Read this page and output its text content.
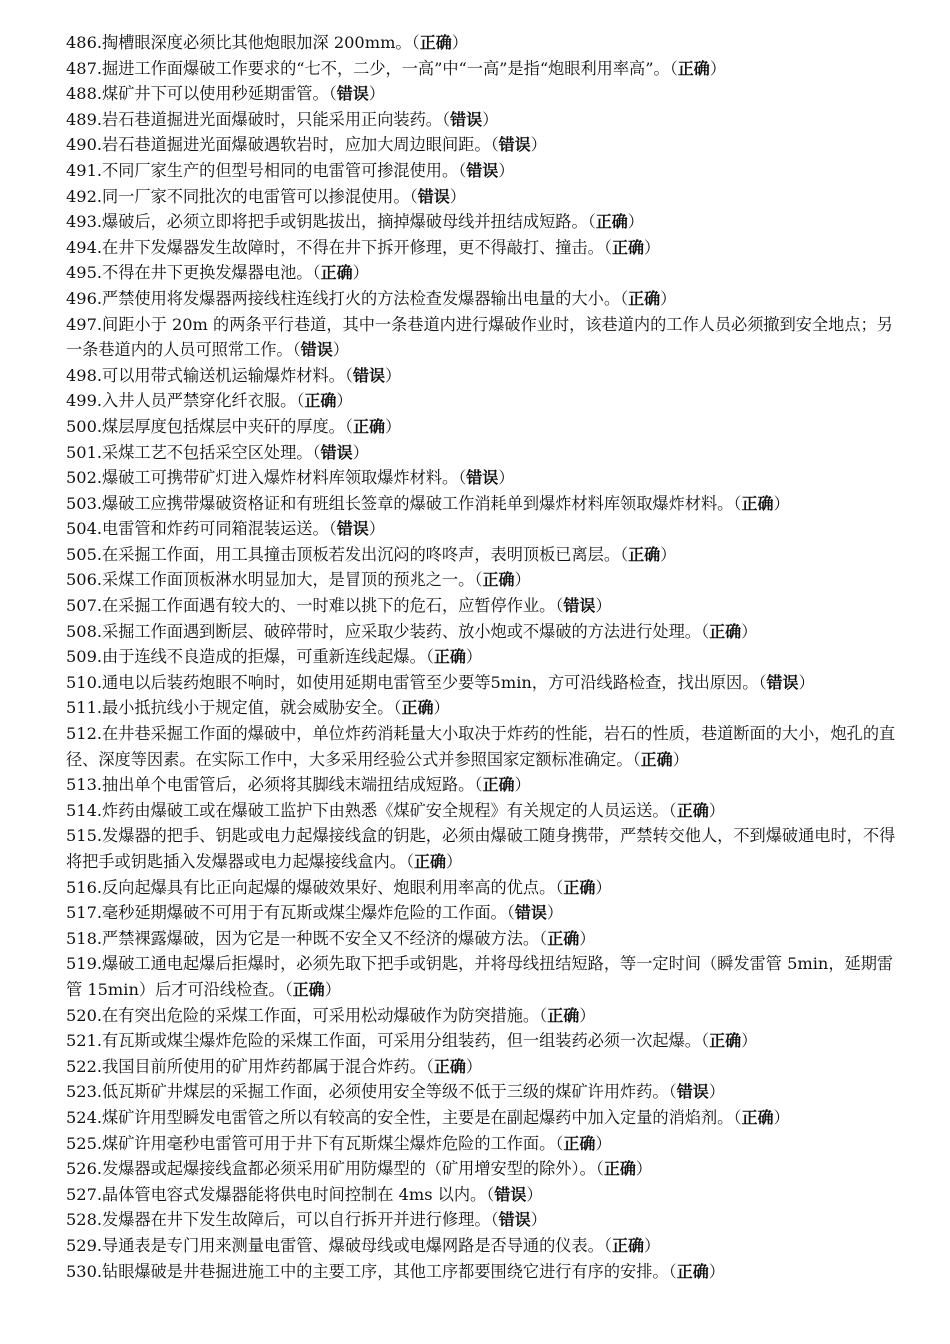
486.掏槽眼深度必须比其他炮眼加深 200mm。（正确）
487.掘进工作面爆破工作要求的“七不，二少，一高”中“一高”是指“炮眼利用率高”。（正确）
488.煤矿井下可以使用秒延期雷管。（错误）
489.岩石巷道掘进光面爆破时，只能采用正向装药。（错误）
490.岩石巷道掘进光面爆破遇软岩时，应加大周边眼间距。（错误）
491.不同厂家生产的但型号相同的电雷管可掺混使用。（错误）
492.同一厂家不同批次的电雷管可以掺混使用。（错误）
493.爆破后，必须立即将把手或钥匙拔出，摘掉爆破母线并扭结成短路。（正确）
494.在井下发爆器发生故障时，不得在井下拆开修理，更不得敲打、撞击。（正确）
495.不得在井下更换发爆器电池。（正确）
496.严禁使用将发爆器两接线柱连线打火的方法检查发爆器输出电量的大小。（正确）
497.间距小于 20m 的两条平行巷道，其中一条巷道内进行爆破作业时，该巷道内的工作人员必须撤到安全地点；另一条巷道内的人员可照常工作。（错误）
498.可以用带式输送机运输爆炸材料。（错误）
499.入井人员严禁穿化纤衣服。（正确）
500.煤层厚度包括煤层中夹矸的厚度。（正确）
501.采煤工艺不包括采空区处理。（错误）
502.爆破工可携带矿灯进入爆炸材料库领取爆炸材料。（错误）
503.爆破工应携带爆破资格证和有班组长签章的爆破工作消耗单到爆炸材料库领取爆炸材料。（正确）
504.电雷管和炸药可同箱混装运送。（错误）
505.在采掘工作面，用工具撞击顶板若发出沉闷的咚咚声，表明顶板已离层。（正确）
506.采煤工作面顶板淋水明显加大，是冒顶的预兆之一。（正确）
507.在采掘工作面遇有较大的、一时难以挑下的危石，应暂停作业。（错误）
508.采掘工作面遇到断层、破碎带时，应采取少装药、放小炮或不爆破的方法进行处理。（正确）
509.由于连线不良造成的拒爆，可重新连线起爆。（正确）
510.通电以后装药炮眼不响时，如使用延期电雷管至少要等5min，方可沿线路检查，找出原因。（错误）
511.最小抵抗线小于规定值，就会威胁安全。（正确）
512.在井巷采掘工作面的爆破中，单位炸药消耗量大小取决于炸药的性能，岩石的性质，巷道断面的大小，炮孔的直径、深度等因素。在实际工作中，大多采用经验公式并参照国家定额标准确定。（正确）
513.抽出单个电雷管后，必须将其脚线末端扭结成短路。（正确）
514.炸药由爆破工或在爆破工监护下由熟悉《煤矿安全规程》有关规定的人员运送。（正确）
515.发爆器的把手、钥匙或电力起爆接线盒的钥匙，必须由爆破工随身携带，严禁转交他人，不到爆破通电时，不得将把手或钥匙插入发爆器或电力起爆接线盒内。（正确）
516.反向起爆具有比正向起爆的爆破效果好、炮眼利用率高的优点。（正确）
517.毫秒延期爆破不可用于有瓦斯或煤尘爆炸危险的工作面。（错误）
518.严禁裸露爆破，因为它是一种既不安全又不经济的爆破方法。（正确）
519.爆破工通电起爆后拒爆时，必须先取下把手或钥匙，并将母线扭结短路，等一定时间（瞬发雷管 5min，延期雷管 15min）后才可沿线检查。（正确）
520.在有突出危险的采煤工作面，可采用松动爆破作为防突措施。（正确）
521.有瓦斯或煤尘爆炸危险的采煤工作面，可采用分组装药，但一组装药必须一次起爆。（正确）
522.我国目前所使用的矿用炸药都属于混合炸药。（正确）
523.低瓦斯矿井煤层的采掘工作面，必须使用安全等级不低于三级的煤矿许用炸药。（错误）
524.煤矿许用型瞬发电雷管之所以有较高的安全性，主要是在副起爆药中加入定量的消焰剂。（正确）
525.煤矿许用毫秒电雷管可用于井下有瓦斯煤尘爆炸危险的工作面。（正确）
526.发爆器或起爆接线盒都必须采用矿用防爆型的（矿用增安型的除外）。（正确）
527.晶体管电容式发爆器能将供电时间控制在 4ms 以内。（错误）
528.发爆器在井下发生故障后，可以自行拆开并进行修理。（错误）
529.导通表是专门用来测量电雷管、爆破母线或电爆网路是否导通的仪表。（正确）
530.钻眼爆破是井巷掘进施工中的主要工序，其他工序都要围绕它进行有序的安排。（正确）
